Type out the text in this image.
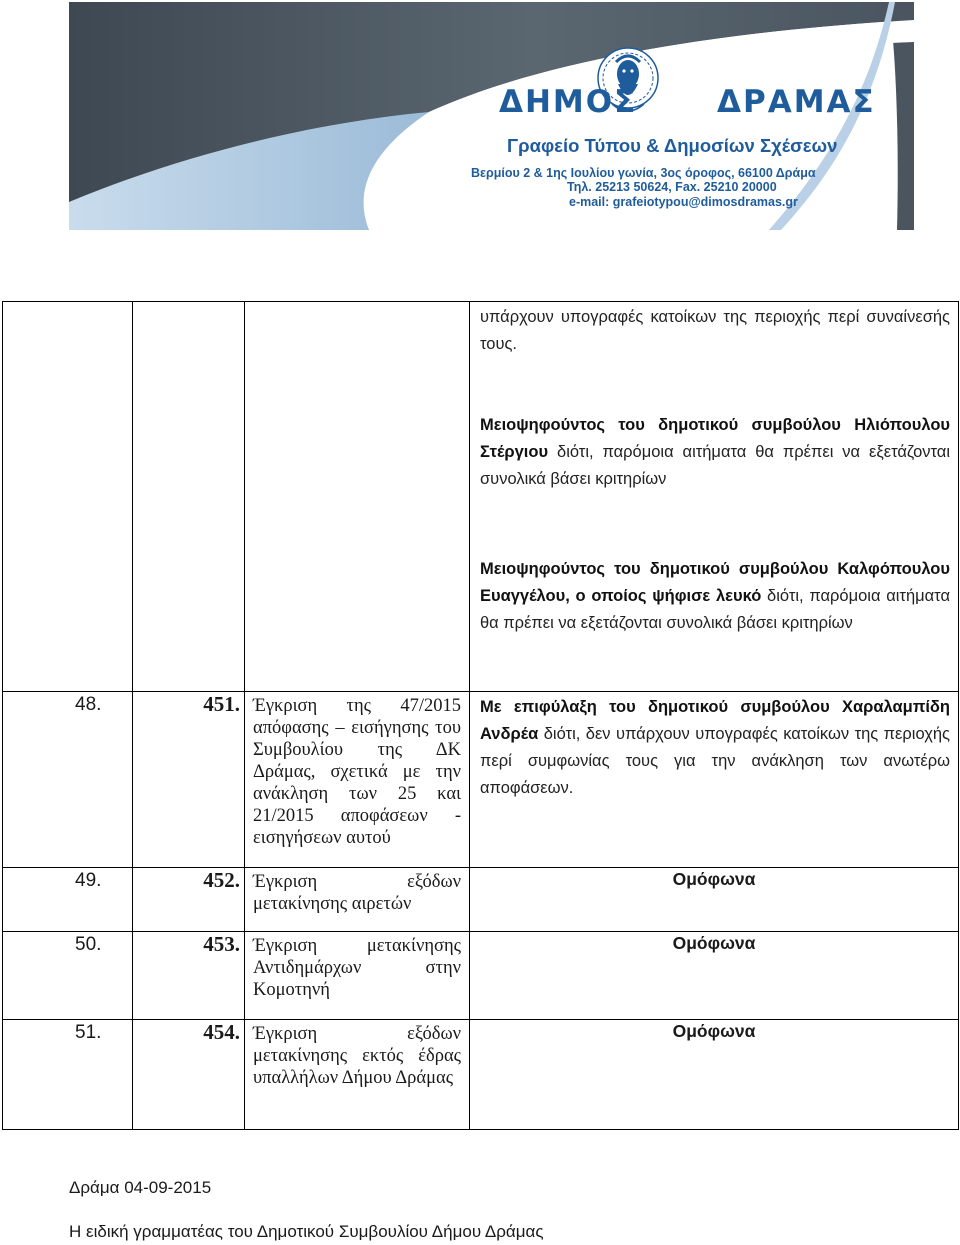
ΔΗΜΟΣ	ΔΡΑΜΑΣ
Γραφείο Τύπου & Δημοσίων Σχέσεων
Βερμίου 2 & 1ης Ιουλίου γωνία, 3ος όροφος, 66100 Δράμα
Τηλ. 25213 50624, Fax. 25210 20000
e-mail: grafeiotypou@dimosdramas.gr

			υπάρχουν υπογραφές κατοίκων της περιοχής περί συναίνεσής τους.

Μειοψηφούντος του δημοτικού συμβούλου Ηλιόπουλου Στέργιου διότι, παρόμοια αιτήματα θα πρέπει να εξετάζονται συνολικά βάσει κριτηρίων

Μειοψηφούντος του δημοτικού συμβούλου Καλφόπουλου Ευαγγέλου, ο οποίος ψήφισε λευκό διότι, παρόμοια αιτήματα θα πρέπει να εξετάζονται συνολικά βάσει κριτηρίων

48.	451.	Έγκριση της 47/2015 απόφασης – εισήγησης του Συμβουλίου της ΔΚ Δράμας, σχετικά με την ανάκληση των 25 και 21/2015 αποφάσεων - εισηγήσεων αυτού	Με επιφύλαξη του δημοτικού συμβούλου Χαραλαμπίδη Ανδρέα διότι, δεν υπάρχουν υπογραφές κατοίκων της περιοχής περί συμφωνίας τους για την ανάκληση των ανωτέρω αποφάσεων.

49.	452.	Έγκριση εξόδων μετακίνησης αιρετών	Ομόφωνα

50.	453.	Έγκριση μετακίνησης Αντιδημάρχων στην Κομοτηνή	Ομόφωνα

51.	454.	Έγκριση εξόδων μετακίνησης εκτός έδρας υπαλλήλων Δήμου Δράμας	Ομόφωνα
Δράμα 04-09-2015
Η ειδική γραμματέας του Δημοτικού Συμβουλίου Δήμου Δράμας
